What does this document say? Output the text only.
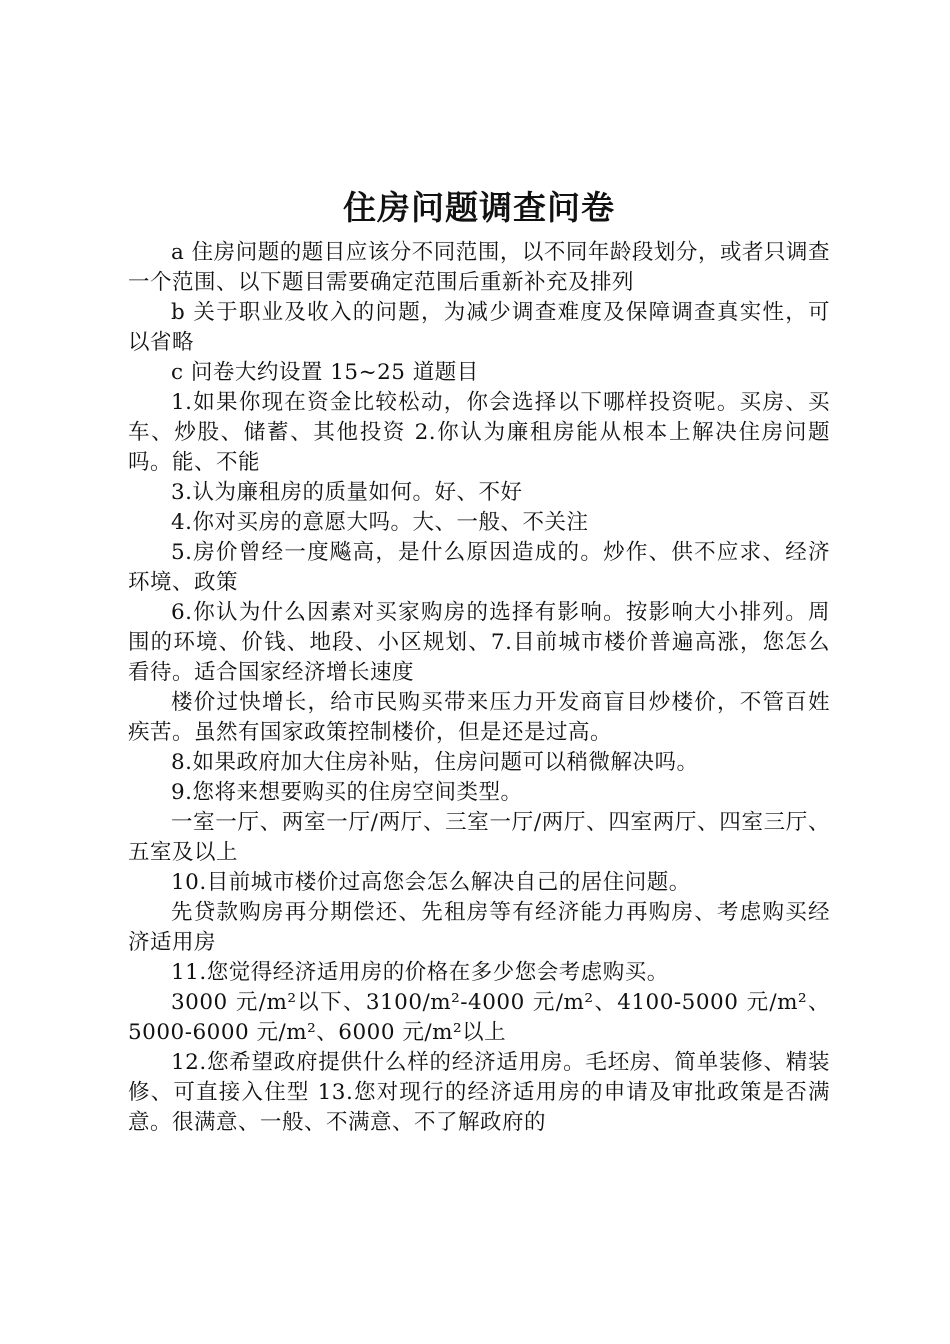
住房问题调查问卷

a 住房问题的题目应该分不同范围，以不同年龄段划分，或者只调查一个范围、以下题目需要确定范围后重新补充及排列

b 关于职业及收入的问题，为减少调查难度及保障调查真实性，可以省略

c 问卷大约设置 15~25 道题目

1.如果你现在资金比较松动，你会选择以下哪样投资呢。买房、买车、炒股、储蓄、其他投资 2.你认为廉租房能从根本上解决住房问题吗。能、不能

3.认为廉租房的质量如何。好、不好

4.你对买房的意愿大吗。大、一般、不关注

5.房价曾经一度飚高，是什么原因造成的。炒作、供不应求、经济环境、政策

6.你认为什么因素对买家购房的选择有影响。按影响大小排列。周围的环境、价钱、地段、小区规划、7.目前城市楼价普遍高涨，您怎么看待。适合国家经济增长速度

楼价过快增长，给市民购买带来压力开发商盲目炒楼价，不管百姓疾苦。虽然有国家政策控制楼价，但是还是过高。

8.如果政府加大住房补贴，住房问题可以稍微解决吗。

9.您将来想要购买的住房空间类型。

一室一厅、两室一厅/两厅、三室一厅/两厅、四室两厅、四室三厅、五室及以上

10.目前城市楼价过高您会怎么解决自己的居住问题。

先贷款购房再分期偿还、先租房等有经济能力再购房、考虑购买经济适用房

11.您觉得经济适用房的价格在多少您会考虑购买。

3000 元/m²以下、3100/m²-4000 元/m²、4100-5000 元/m²、5000-6000 元/m²、6000 元/m²以上

12.您希望政府提供什么样的经济适用房。毛坯房、简单装修、精装修、可直接入住型 13.您对现行的经济适用房的申请及审批政策是否满意。很满意、一般、不满意、不了解政府的
